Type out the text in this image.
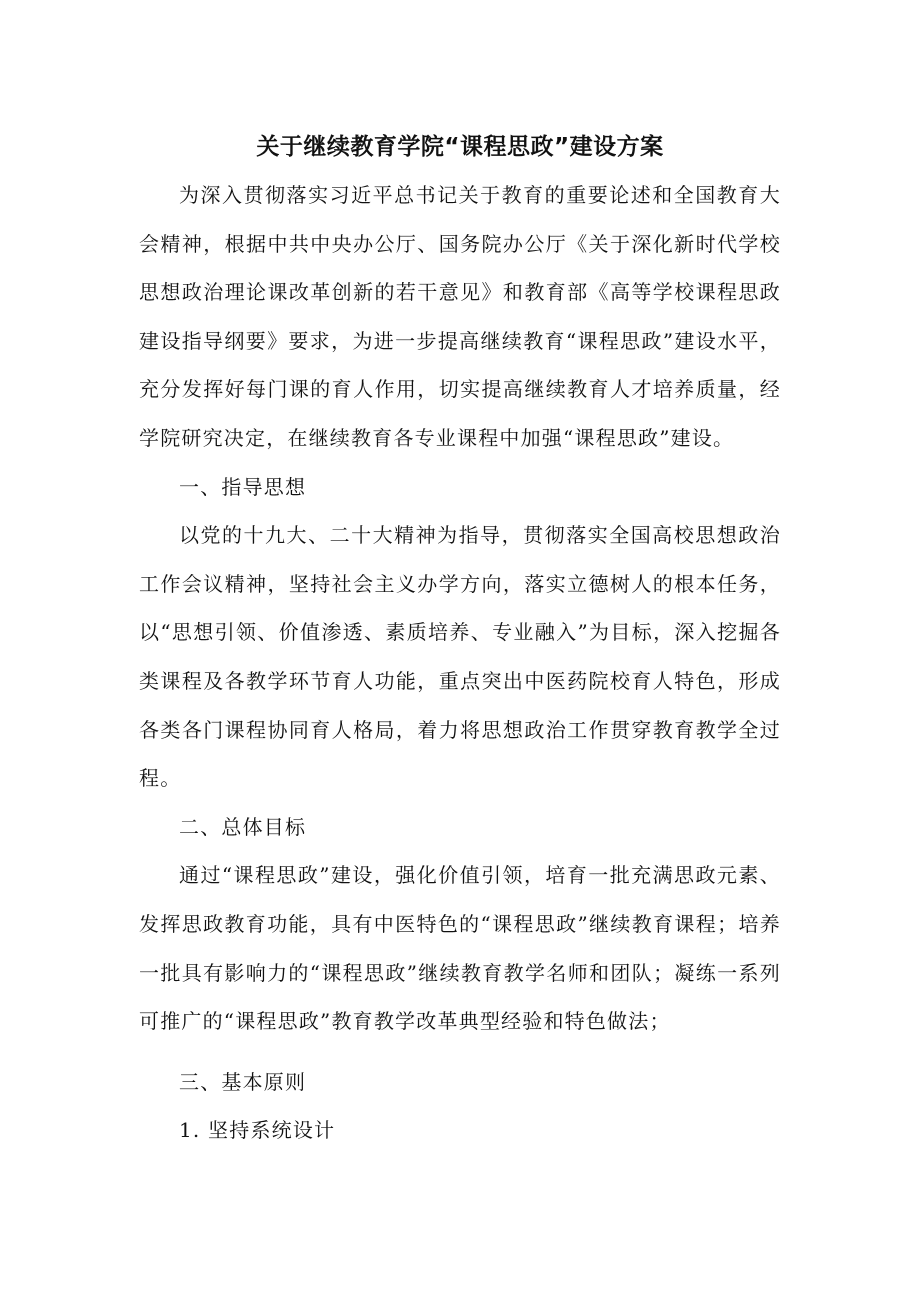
关于继续教育学院“课程思政”建设方案

为深入贯彻落实习近平总书记关于教育的重要论述和全国教育大会精神，根据中共中央办公厅、国务院办公厅《关于深化新时代学校思想政治理论课改革创新的若干意见》和教育部《高等学校课程思政建设指导纲要》要求，为进一步提高继续教育“课程思政”建设水平，充分发挥好每门课的育人作用，切实提高继续教育人才培养质量，经学院研究决定，在继续教育各专业课程中加强“课程思政”建设。

一、指导思想

以党的十九大、二十大精神为指导，贯彻落实全国高校思想政治工作会议精神，坚持社会主义办学方向，落实立德树人的根本任务，以“思想引领、价值渗透、素质培养、专业融入”为目标，深入挖掘各类课程及各教学环节育人功能，重点突出中医药院校育人特色，形成各类各门课程协同育人格局，着力将思想政治工作贯穿教育教学全过程。

二、总体目标

通过“课程思政”建设，强化价值引领，培育一批充满思政元素、发挥思政教育功能，具有中医特色的“课程思政”继续教育课程；培养一批具有影响力的“课程思政”继续教育教学名师和团队；凝练一系列可推广的“课程思政”教育教学改革典型经验和特色做法；

三、基本原则

1. 坚持系统设计
